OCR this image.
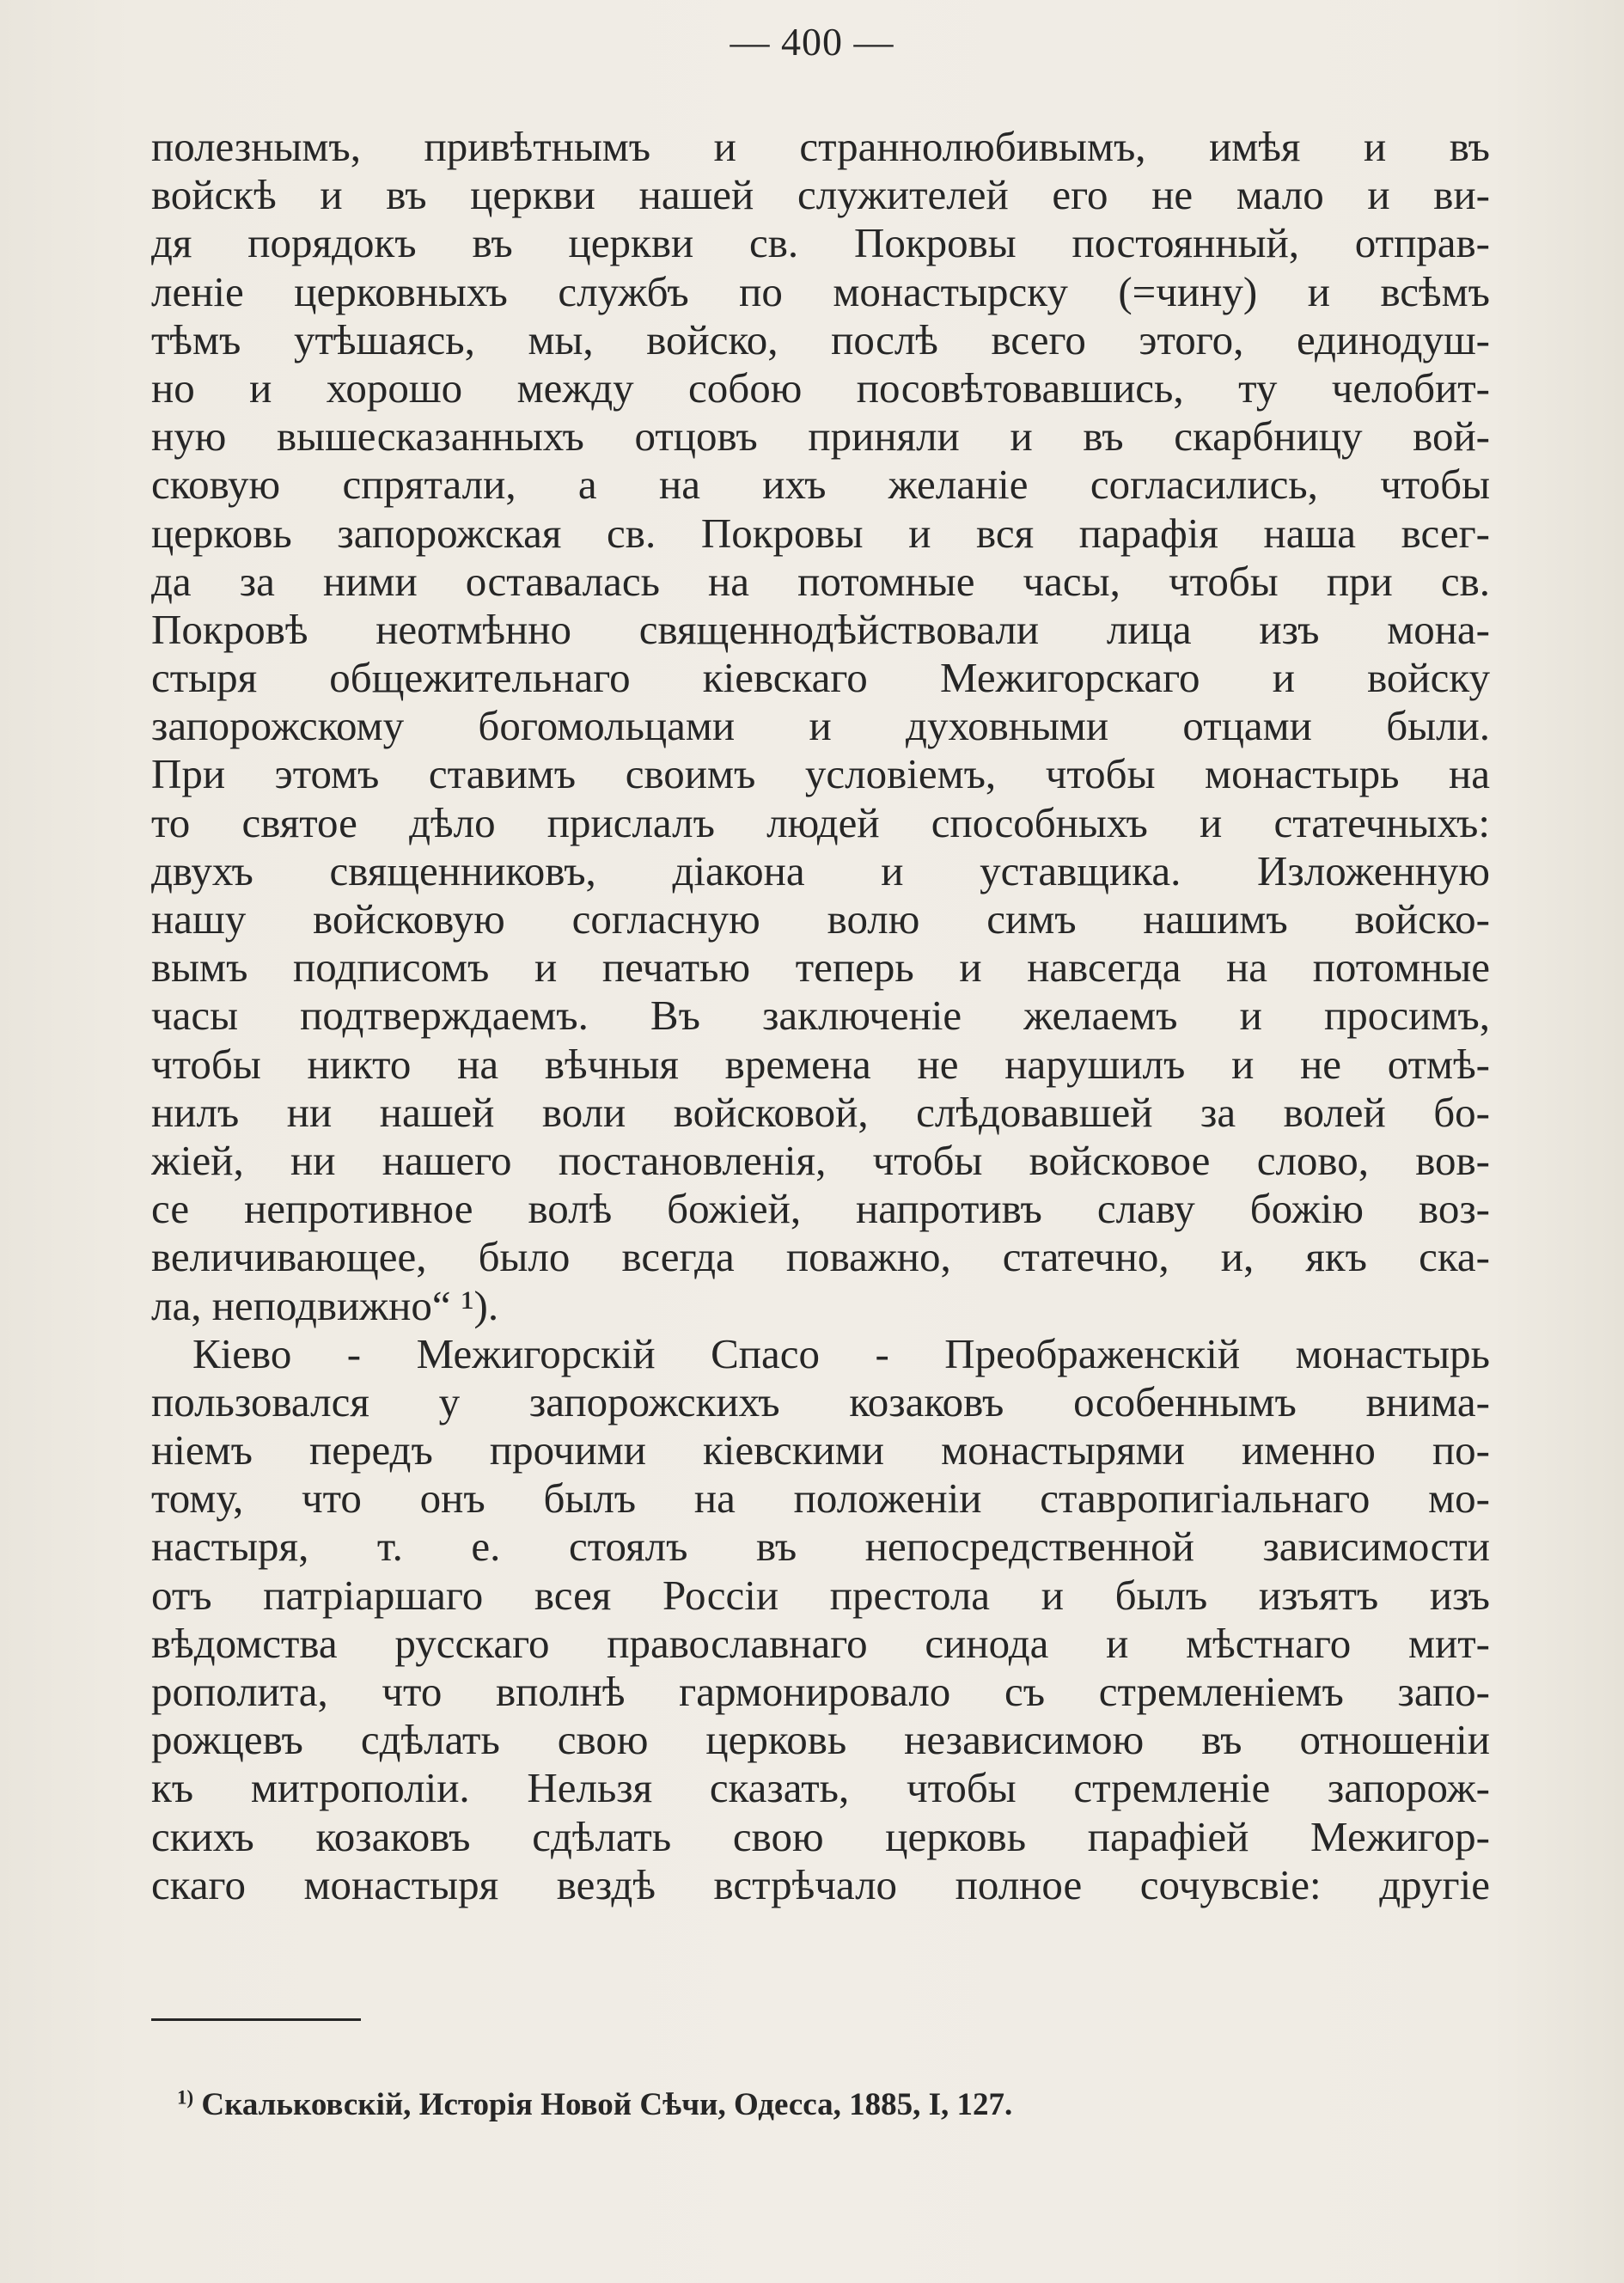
— 400 —
полезнымъ, привѣтнымъ и страннолюбивымъ, имѣя и въ
войскѣ и въ церкви нашей служителей его не мало и ви-
дя порядокъ въ церкви св. Покровы постоянный, отправ-
леніе церковныхъ службъ по монастырску (=чину) и всѣмъ
тѣмъ утѣшаясь, мы, войско, послѣ всего этого, единодуш-
но и хорошо между собою посовѣтовавшись, ту челобит-
ную вышесказанныхъ отцовъ приняли и въ скарбницу вой-
сковую спрятали, а на ихъ желаніе согласились, чтобы
церковь запорожская св. Покровы и вся парафія наша всег-
да за ними оставалась на потомные часы, чтобы при св.
Покровѣ неотмѣнно священнодѣйствовали лица изъ мона-
стыря общежительнаго кіевскаго Межигорскаго и войску
запорожскому богомольцами и духовными отцами были.
При этомъ ставимъ своимъ условіемъ, чтобы монастырь на
то святое дѣло прислалъ людей способныхъ и статечныхъ:
двухъ священниковъ, діакона и уставщика. Изложенную
нашу войсковую согласную волю симъ нашимъ войско-
вымъ подписомъ и печатью теперь и навсегда на потомные
часы подтверждаемъ. Въ заключеніе желаемъ и просимъ,
чтобы никто на вѣчныя времена не нарушилъ и не отмѣ-
нилъ ни нашей воли войсковой, слѣдовавшей за волей бо-
жіей, ни нашего постановленія, чтобы войсковое слово, вов-
се непротивное волѣ божіей, напротивъ славу божію воз-
величивающее, было всегда поважно, статечно, и, якъ ска-
ла, неподвижно“ ¹).
Кіево - Межигорскій Спасо - Преображенскій монастырь
пользовался у запорожскихъ козаковъ особеннымъ внима-
ніемъ передъ прочими кіевскими монастырями именно по-
тому, что онъ былъ на положеніи ставропигіальнаго мо-
настыря, т. е. стоялъ въ непосредственной зависимости
отъ патріаршаго всея Россіи престола и былъ изъятъ изъ
вѣдомства русскаго православнаго синода и мѣстнаго мит-
рополита, что вполнѣ гармонировало съ стремленіемъ запо-
рожцевъ сдѣлать свою церковь независимою въ отношеніи
къ митрополіи. Нельзя сказать, чтобы стремленіе запорож-
скихъ козаковъ сдѣлать свою церковь парафіей Межигор-
скаго монастыря вездѣ встрѣчало полное сочувсвіе: другіе
$^{1)}$ Скальковскій, Исторія Новой Сѣчи, Одесса, 1885, I, 127.
